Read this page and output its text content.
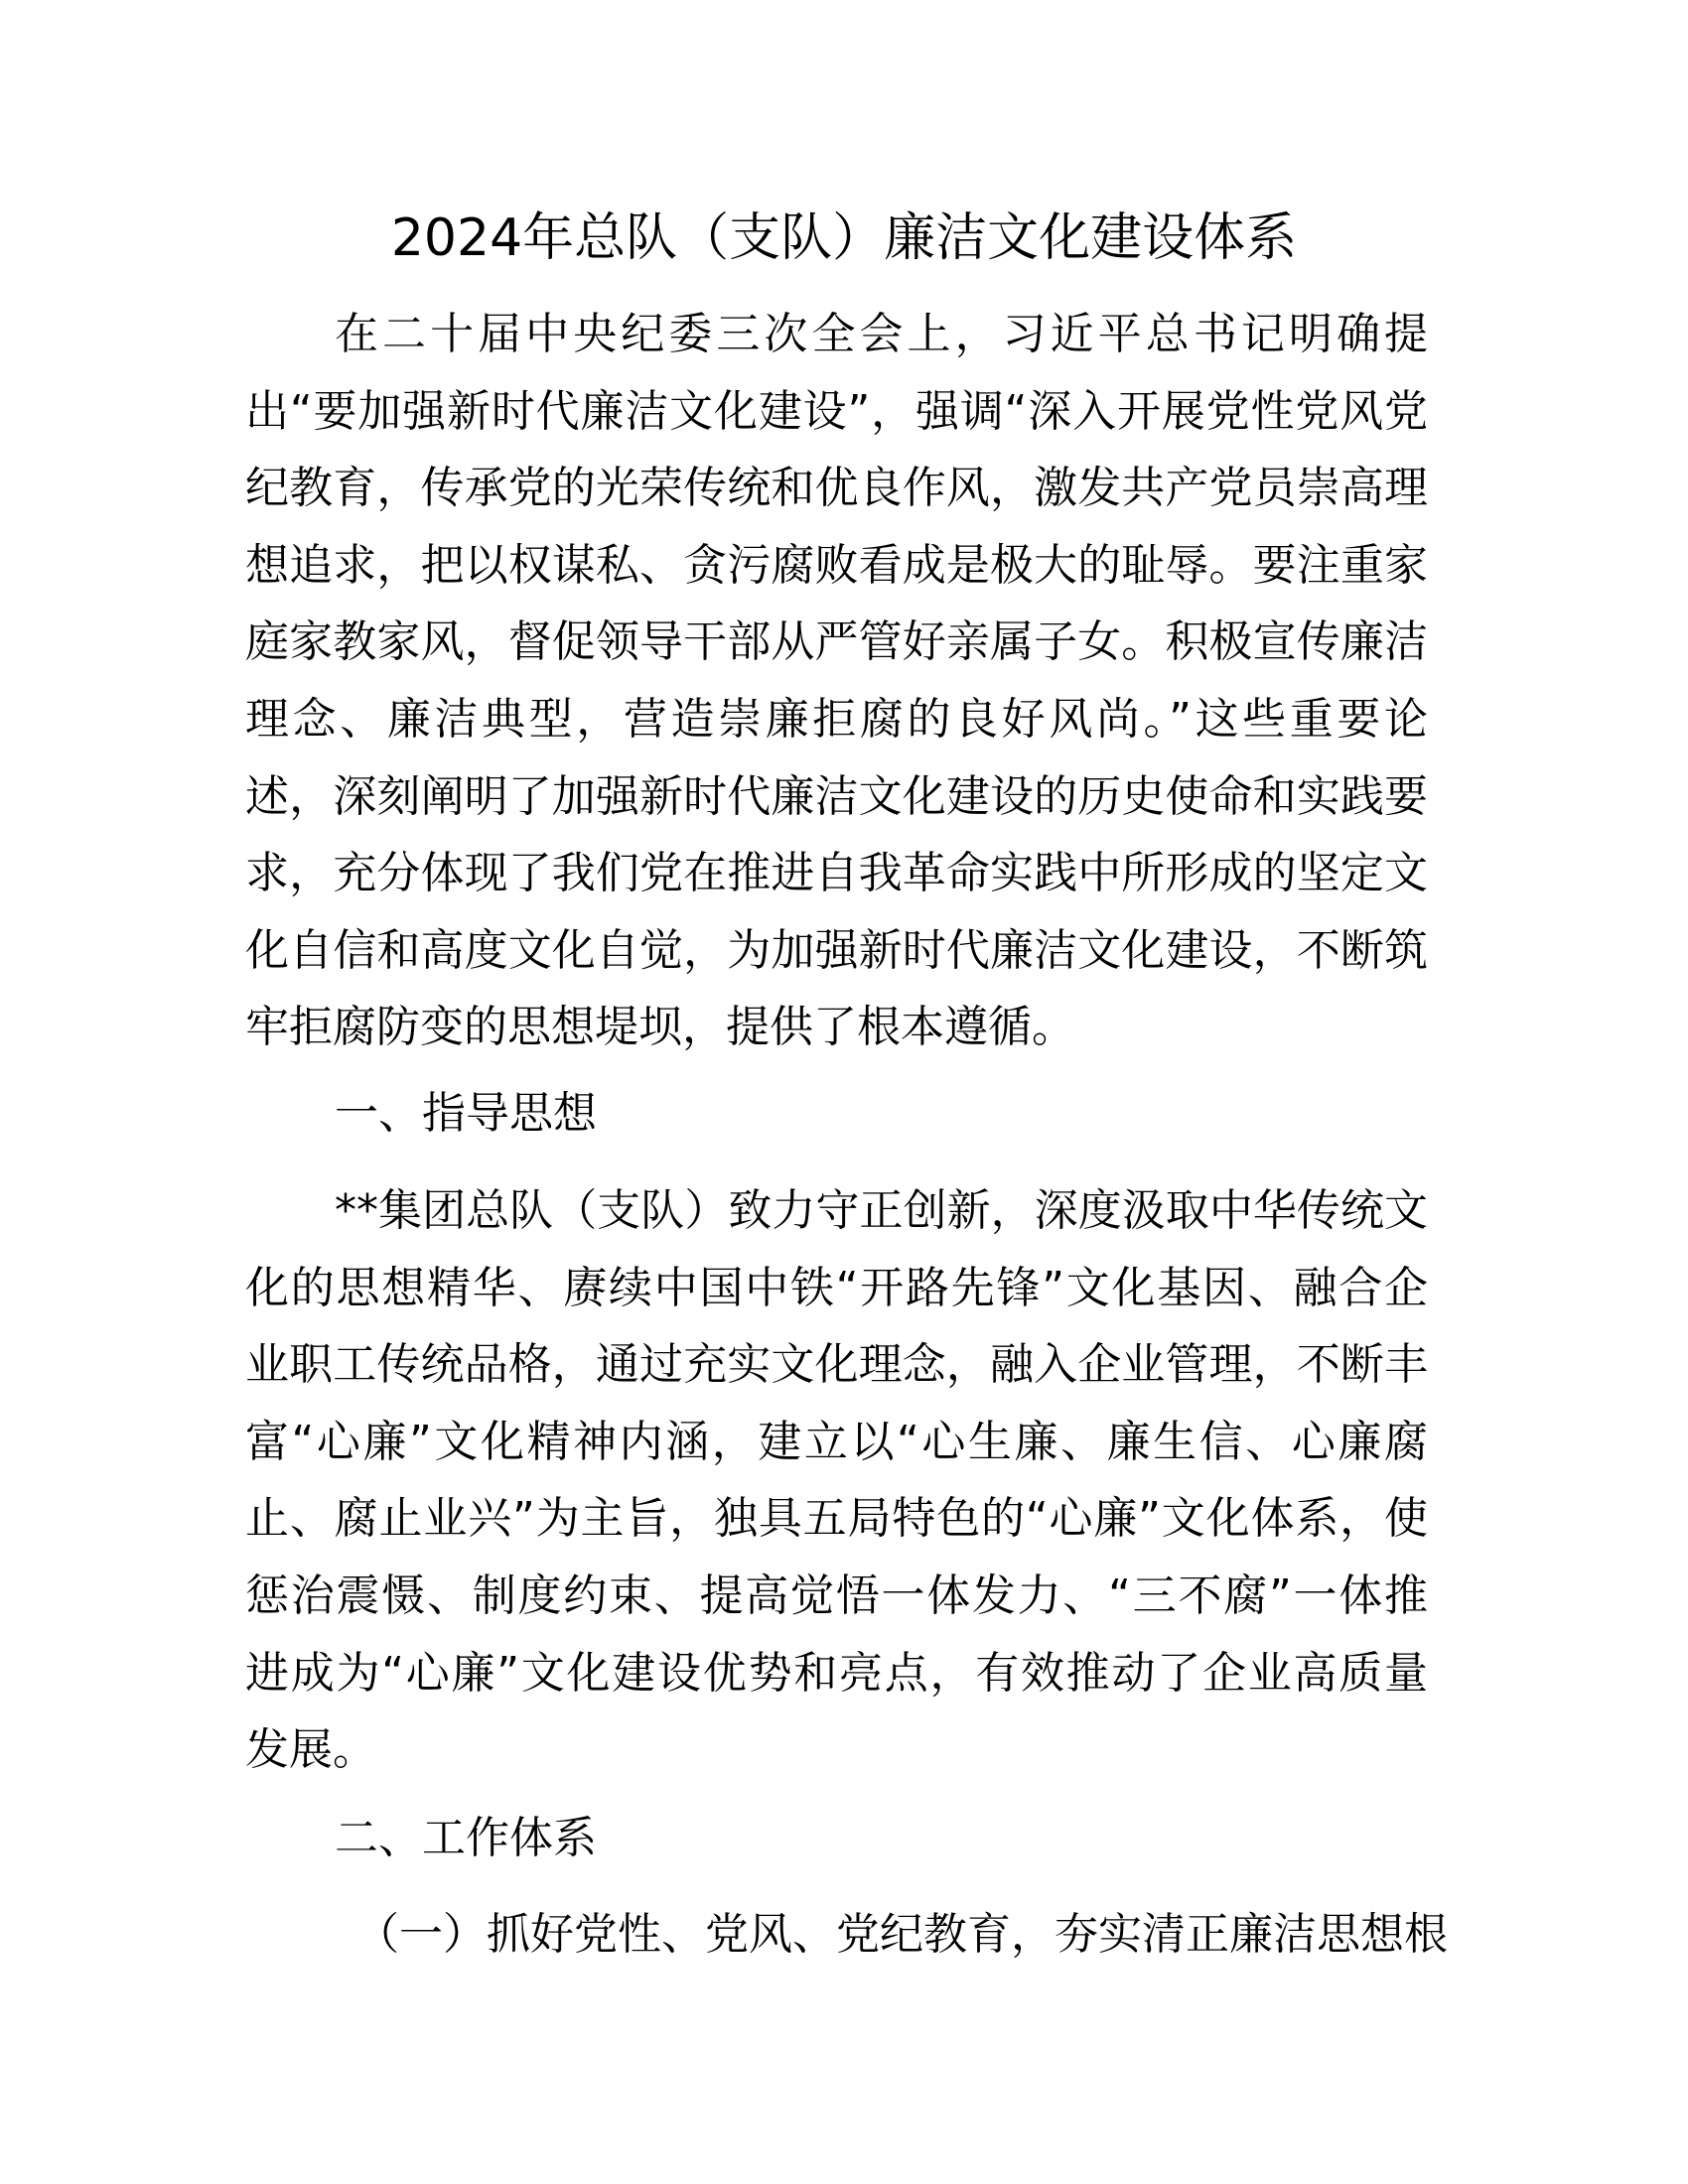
2024年总队（支队）廉洁文化建设体系
在二十届中央纪委三次全会上，习近平总书记明确提
出“要加强新时代廉洁文化建设”，强调“深入开展党性党风党
纪教育，传承党的光荣传统和优良作风，激发共产党员崇高理
想追求，把以权谋私、贪污腐败看成是极大的耻辱。要注重家
庭家教家风，督促领导干部从严管好亲属子女。积极宣传廉洁
理念、廉洁典型，营造崇廉拒腐的良好风尚。”这些重要论
述，深刻阐明了加强新时代廉洁文化建设的历史使命和实践要
求，充分体现了我们党在推进自我革命实践中所形成的坚定文
化自信和高度文化自觉，为加强新时代廉洁文化建设，不断筑
牢拒腐防变的思想堤坝，提供了根本遵循。
一、指导思想
**集团总队（支队）致力守正创新，深度汲取中华传统文
化的思想精华、赓续中国中铁“开路先锋”文化基因、融合企
业职工传统品格，通过充实文化理念，融入企业管理，不断丰
富“心廉”文化精神内涵，建立以“心生廉、廉生信、心廉腐
止、腐止业兴”为主旨，独具五局特色的“心廉”文化体系，使
惩治震慑、制度约束、提高觉悟一体发力、“三不腐”一体推
进成为“心廉”文化建设优势和亮点，有效推动了企业高质量
发展。
二、工作体系
（一）抓好党性、党风、党纪教育，夯实清正廉洁思想根
